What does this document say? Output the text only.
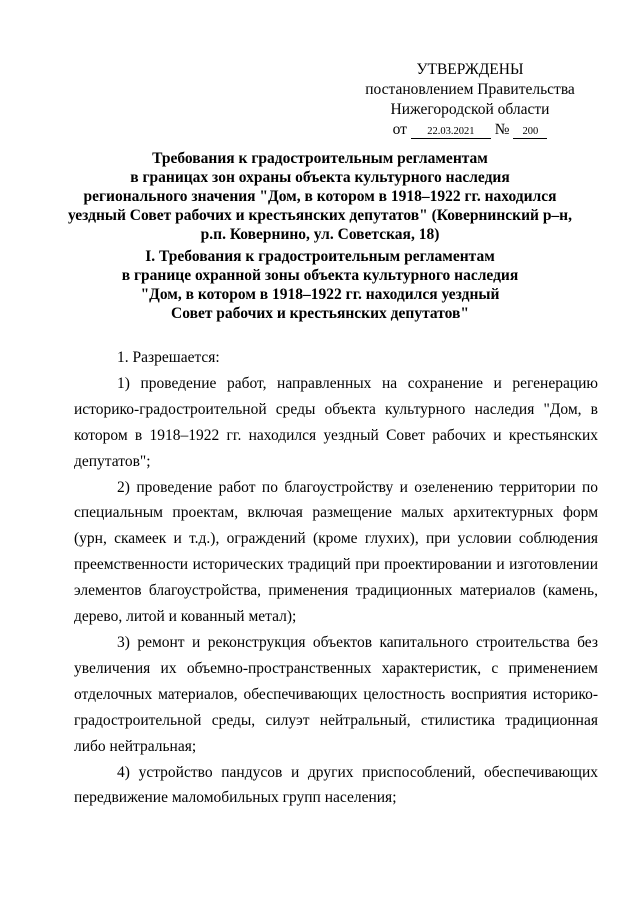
УТВЕРЖДЕНЫ
постановлением Правительства
Нижегородской области
от 22.03.2021 № 200
Требования к градостроительным регламентам
в границах зон охраны объекта культурного наследия
регионального значения "Дом, в котором в 1918–1922 гг. находился
уездный Совет рабочих и крестьянских депутатов" (Ковернинский р–н,
р.п. Ковернино, ул. Советская, 18)
I. Требования к градостроительным регламентам
в границе охранной зоны объекта культурного наследия
"Дом, в котором в 1918–1922 гг. находился уездный
Совет рабочих и крестьянских депутатов"

1. Разрешается:

1) проведение работ, направленных на сохранение и регенерацию историко-градостроительной среды объекта культурного наследия "Дом, в котором в 1918–1922 гг. находился уездный Совет рабочих и крестьянских депутатов";

2) проведение работ по благоустройству и озеленению территории по специальным проектам, включая размещение малых архитектурных форм (урн, скамеек и т.д.), ограждений (кроме глухих), при условии соблюдения преемственности исторических традиций при проектировании и изготовлении элементов благоустройства, применения традиционных материалов (камень, дерево, литой и кованный метал);

3) ремонт и реконструкция объектов капитального строительства без увеличения их объемно-пространственных характеристик, с применением отделочных материалов, обеспечивающих целостность восприятия историко-градостроительной среды, силуэт нейтральный, стилистика традиционная либо нейтральная;

4) устройство пандусов и других приспособлений, обеспечивающих передвижение маломобильных групп населения;
